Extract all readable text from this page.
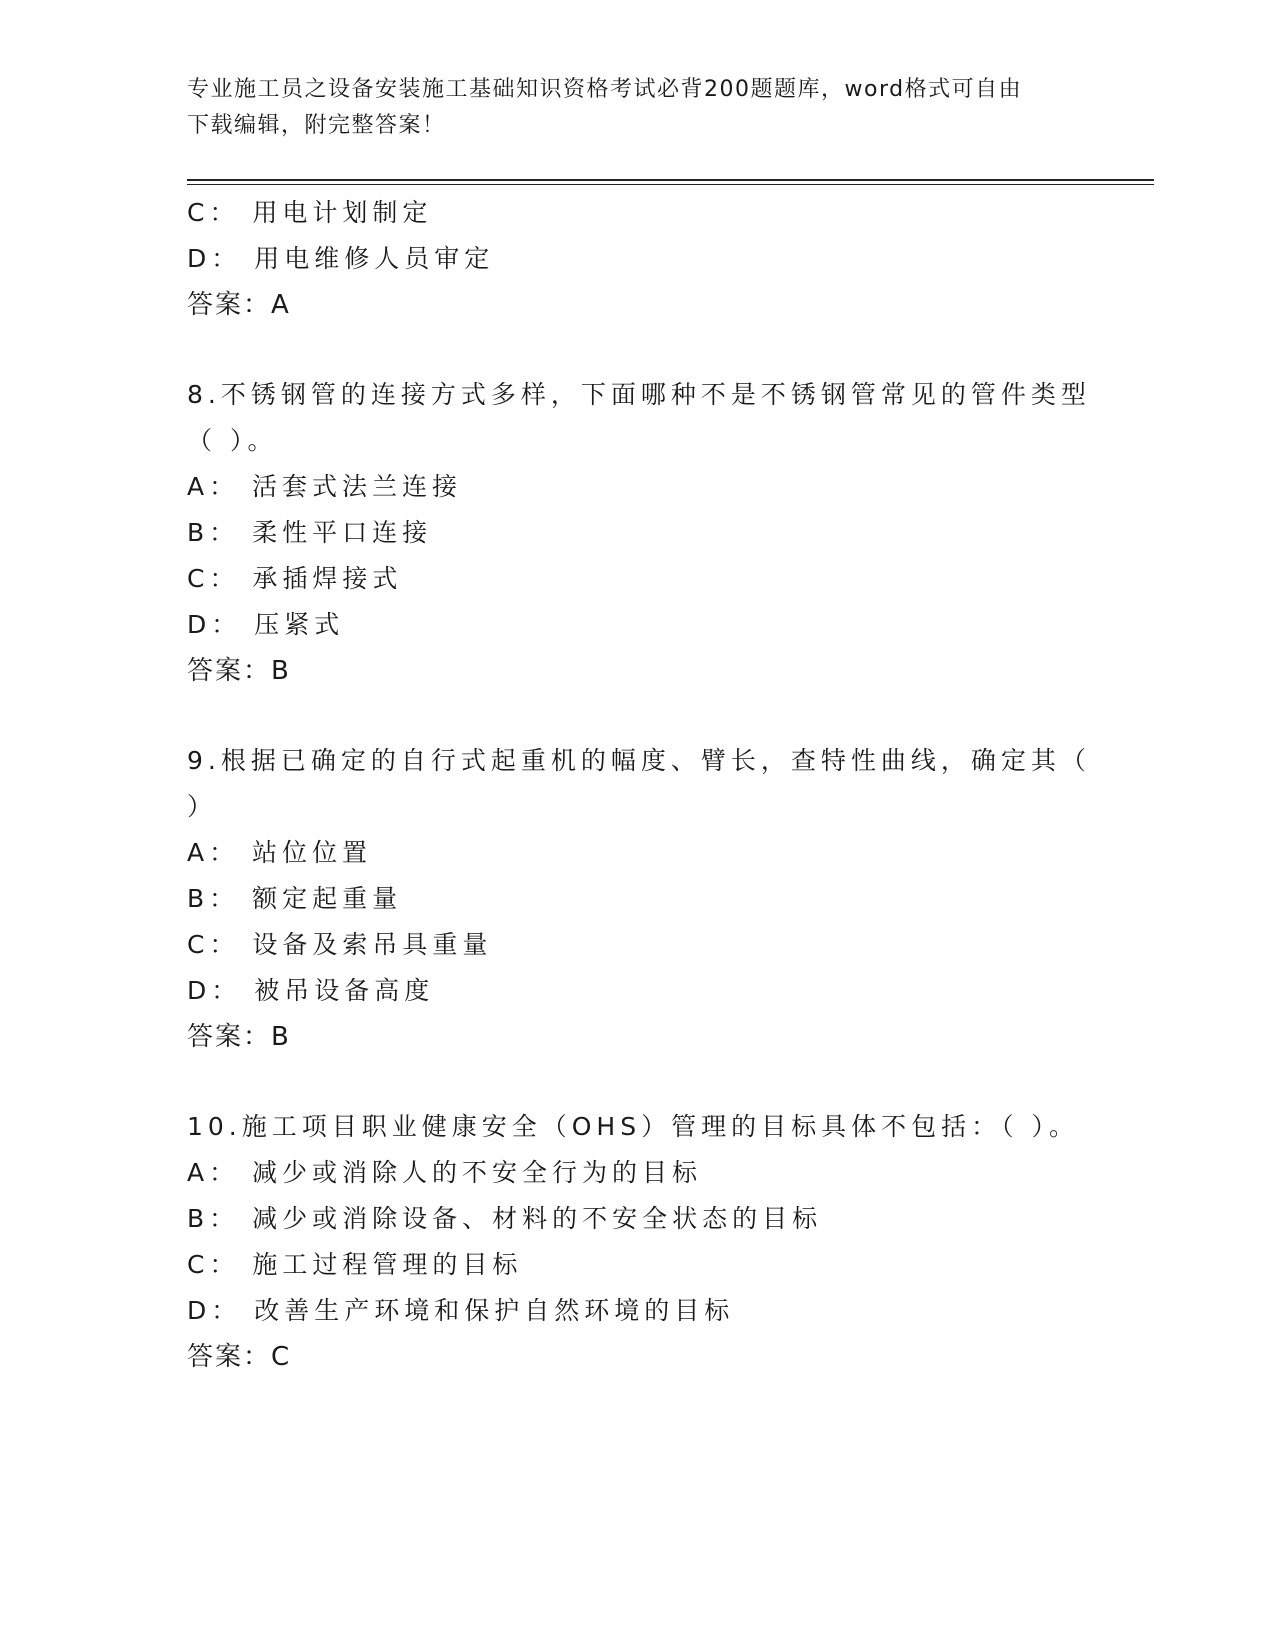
专业施工员之设备安装施工基础知识资格考试必背200题题库，word格式可自由
下载编辑，附完整答案！
C： 用电计划制定
D： 用电维修人员审定
答案：A
8.不锈钢管的连接方式多样，下面哪种不是不锈钢管常见的管件类型
（ ）。
A： 活套式法兰连接
B： 柔性平口连接
C： 承插焊接式
D： 压紧式
答案：B
9.根据已确定的自行式起重机的幅度、臂长，查特性曲线，确定其（
）
A： 站位位置
B： 额定起重量
C： 设备及索吊具重量
D： 被吊设备高度
答案：B
10.施工项目职业健康安全（OHS）管理的目标具体不包括：（ ）。
A： 减少或消除人的不安全行为的目标
B： 减少或消除设备、材料的不安全状态的目标
C： 施工过程管理的目标
D： 改善生产环境和保护自然环境的目标
答案：C
